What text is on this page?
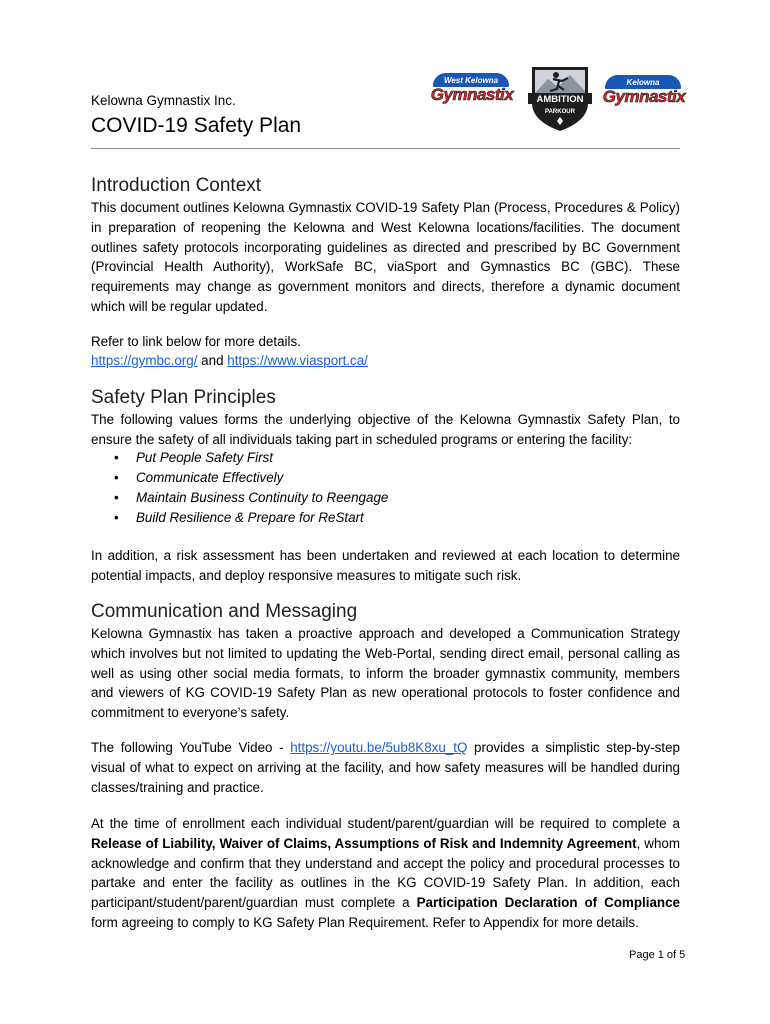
West Kelowna
Gymnastix	AMBITION
PARKOUR
Kelowna
Gymnastix
Kelowna Gymnastix Inc.
COVID-19 Safety Plan
Introduction Context

This document outlines Kelowna Gymnastix COVID-19 Safety Plan (Process, Procedures & Policy) in preparation of reopening the Kelowna and West Kelowna locations/facilities. The document outlines safety protocols incorporating guidelines as directed and prescribed by BC Government (Provincial Health Authority), WorkSafe BC, viaSport and Gymnastics BC (GBC). These requirements may change as government monitors and directs, therefore a dynamic document which will be regular updated.

Refer to link below for more details.

https://gymbc.org/ and https://www.viasport.ca/

Safety Plan Principles

The following values forms the underlying objective of the Kelowna Gymnastix Safety Plan, to ensure the safety of all individuals taking part in scheduled programs or entering the facility:

• Put People Safety First
• Communicate Effectively
• Maintain Business Continuity to Reengage
• Build Resilience & Prepare for ReStart

In addition, a risk assessment has been undertaken and reviewed at each location to determine potential impacts, and deploy responsive measures to mitigate such risk.

Communication and Messaging

Kelowna Gymnastix has taken a proactive approach and developed a Communication Strategy which involves but not limited to updating the Web-Portal, sending direct email, personal calling as well as using other social media formats, to inform the broader gymnastix community, members and viewers of KG COVID-19 Safety Plan as new operational protocols to foster confidence and commitment to everyone’s safety.

The following YouTube Video - https://youtu.be/5ub8K8xu_tQ provides a simplistic step-by-step visual of what to expect on arriving at the facility, and how safety measures will be handled during classes/training and practice.

At the time of enrollment each individual student/parent/guardian will be required to complete a Release of Liability, Waiver of Claims, Assumptions of Risk and Indemnity Agreement, whom acknowledge and confirm that they understand and accept the policy and procedural processes to partake and enter the facility as outlines in the KG COVID-19 Safety Plan. In addition, each participant/student/parent/guardian must complete a Participation Declaration of Compliance form agreeing to comply to KG Safety Plan Requirement. Refer to Appendix for more details.

Page 1 of 5
